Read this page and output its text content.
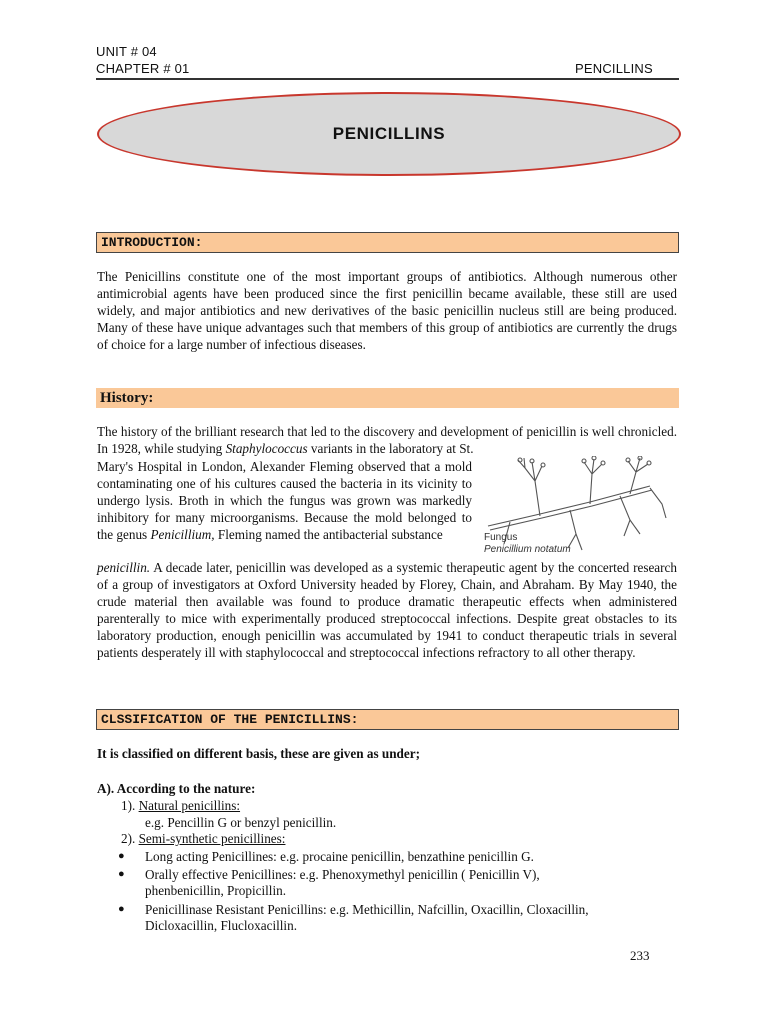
UNIT # 04
CHAPTER # 01	PENCILLINS
PENICILLINS
INTRODUCTION:
The Penicillins constitute one of the most important groups of antibiotics. Although numerous other antimicrobial agents have been produced since the first penicillin became available, these still are used widely, and major antibiotics and new derivatives of the basic penicillin nucleus still are being produced. Many of these have unique advantages such that members of this group of antibiotics are currently the drugs of choice for a large number of infectious diseases.
History:
The history of the brilliant research that led to the discovery and development of penicillin is well chronicled. In 1928, while studying Staphylococcus variants in the laboratory at St.
Mary's Hospital in London, Alexander Fleming observed that a mold contaminating one of his cultures caused the bacteria in its vicinity to undergo lysis. Broth in which the fungus was grown was markedly inhibitory for many microorganisms. Because the mold belonged to the genus Penicillium, Fleming named the antibacterial substance
penicillin. A decade later, penicillin was developed as a systemic therapeutic agent by the concerted research of a group of investigators at Oxford University headed by Florey, Chain, and Abraham. By May 1940, the crude material then available was found to produce dramatic therapeutic effects when administered parenterally to mice with experimentally produced streptococcal infections. Despite great obstacles to its laboratory production, enough penicillin was accumulated by 1941 to conduct therapeutic trials in several patients desperately ill with staphylococcal and streptococcal infections refractory to all other therapy.
Fungus
Penicillium notatum
CLSSIFICATION OF THE PENICILLINS:
It is classified on different basis, these are given as under;
A). According to the nature:
1). Natural penicillins:
e.g. Pencillin G or benzyl penicillin.
2). Semi-synthetic penicillines:
● Long acting Penicillines: e.g. procaine penicillin, benzathine penicillin G.
● Orally effective Penicillines: e.g. Phenoxymethyl penicillin ( Penicillin V),
phenbenicillin, Propicillin.
● Penicillinase Resistant Penicillins: e.g. Methicillin, Nafcillin, Oxacillin, Cloxacillin,
Dicloxacillin, Flucloxacillin.
233
